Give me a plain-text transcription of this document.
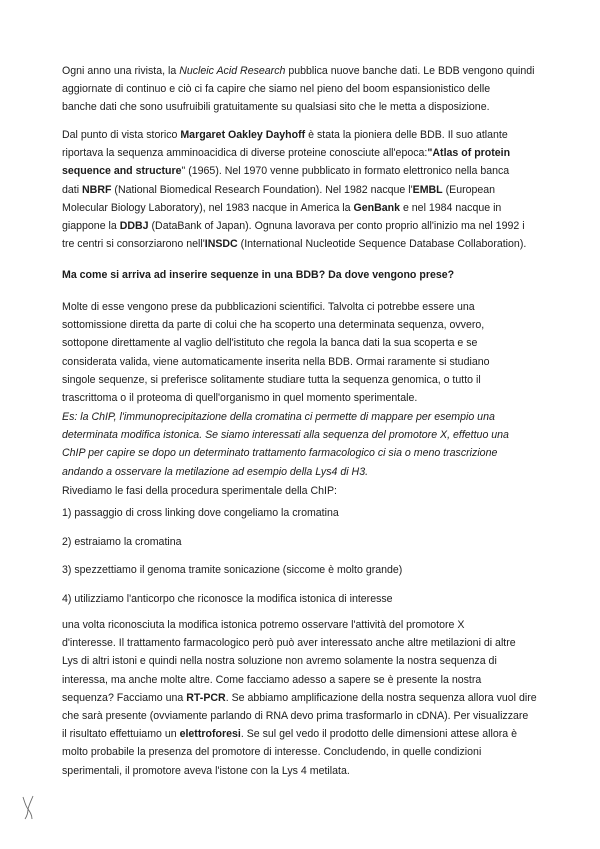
Ogni anno una rivista, la Nucleic Acid Research pubblica nuove banche dati. Le BDB vengono quindi
aggiornate di continuo e ciò ci fa capire che siamo nel pieno del boom espansionistico delle
banche dati che sono usufruibili gratuitamente su qualsiasi sito che le metta a disposizione.

Dal punto di vista storico Margaret Oakley Dayhoff è stata la pioniera delle BDB. Il suo atlante
riportava la sequenza amminoacidica di diverse proteine conosciute all'epoca:"Atlas of protein
sequence and structure" (1965). Nel 1970 venne pubblicato in formato elettronico nella banca
dati NBRF (National Biomedical Research Foundation). Nel 1982 nacque l'EMBL (European
Molecular Biology Laboratory), nel 1983 nacque in America la GenBank e nel 1984 nacque in
giappone la DDBJ (DataBank of Japan). Ognuna lavorava per conto proprio all'inizio ma nel 1992 i
tre centri si consorziarono nell'INSDC (International Nucleotide Sequence Database Collaboration).

Ma come si arriva ad inserire sequenze in una BDB? Da dove vengono prese?

Molte di esse vengono prese da pubblicazioni scientifici. Talvolta ci potrebbe essere una
sottomissione diretta da parte di colui che ha scoperto una determinata sequenza, ovvero,
sottopone direttamente al vaglio dell'istituto che regola la banca dati la sua scoperta e se
considerata valida, viene automaticamente inserita nella BDB. Ormai raramente si studiano
singole sequenze, si preferisce solitamente studiare tutta la sequenza genomica, o tutto il
trascrittoma o il proteoma di quell'organismo in quel momento sperimentale.

Es: la ChIP, l'immunoprecipitazione della cromatina ci permette di mappare per esempio una
determinata modifica istonica. Se siamo interessati alla sequenza del promotore X, effettuo una
ChIP per capire se dopo un determinato trattamento farmacologico ci sia o meno trascrizione
andando a osservare la metilazione ad esempio della Lys4 di H3.

Rivediamo le fasi della procedura sperimentale della ChIP:

1) passaggio di cross linking dove congeliamo la cromatina

2) estraiamo la cromatina

3) spezzettiamo il genoma tramite sonicazione (siccome è molto grande)

4) utilizziamo l'anticorpo che riconosce la modifica istonica di interesse

una volta riconosciuta la modifica istonica potremo osservare l'attività del promotore X
d'interesse. Il trattamento farmacologico però può aver interessato anche altre metilazioni di altre
Lys di altri istoni e quindi nella nostra soluzione non avremo solamente la nostra sequenza di
interessa, ma anche molte altre. Come facciamo adesso a sapere se è presente la nostra
sequenza? Facciamo una RT-PCR. Se abbiamo amplificazione della nostra sequenza allora vuol dire
che sarà presente (ovviamente parlando di RNA devo prima trasformarlo in cDNA). Per visualizzare
il risultato effettuiamo un elettroforesi. Se sul gel vedo il prodotto delle dimensioni attese allora è
molto probabile la presenza del promotore di interesse. Concludendo, in quelle condizioni
sperimentali, il promotore aveva l'istone con la Lys 4 metilata.
